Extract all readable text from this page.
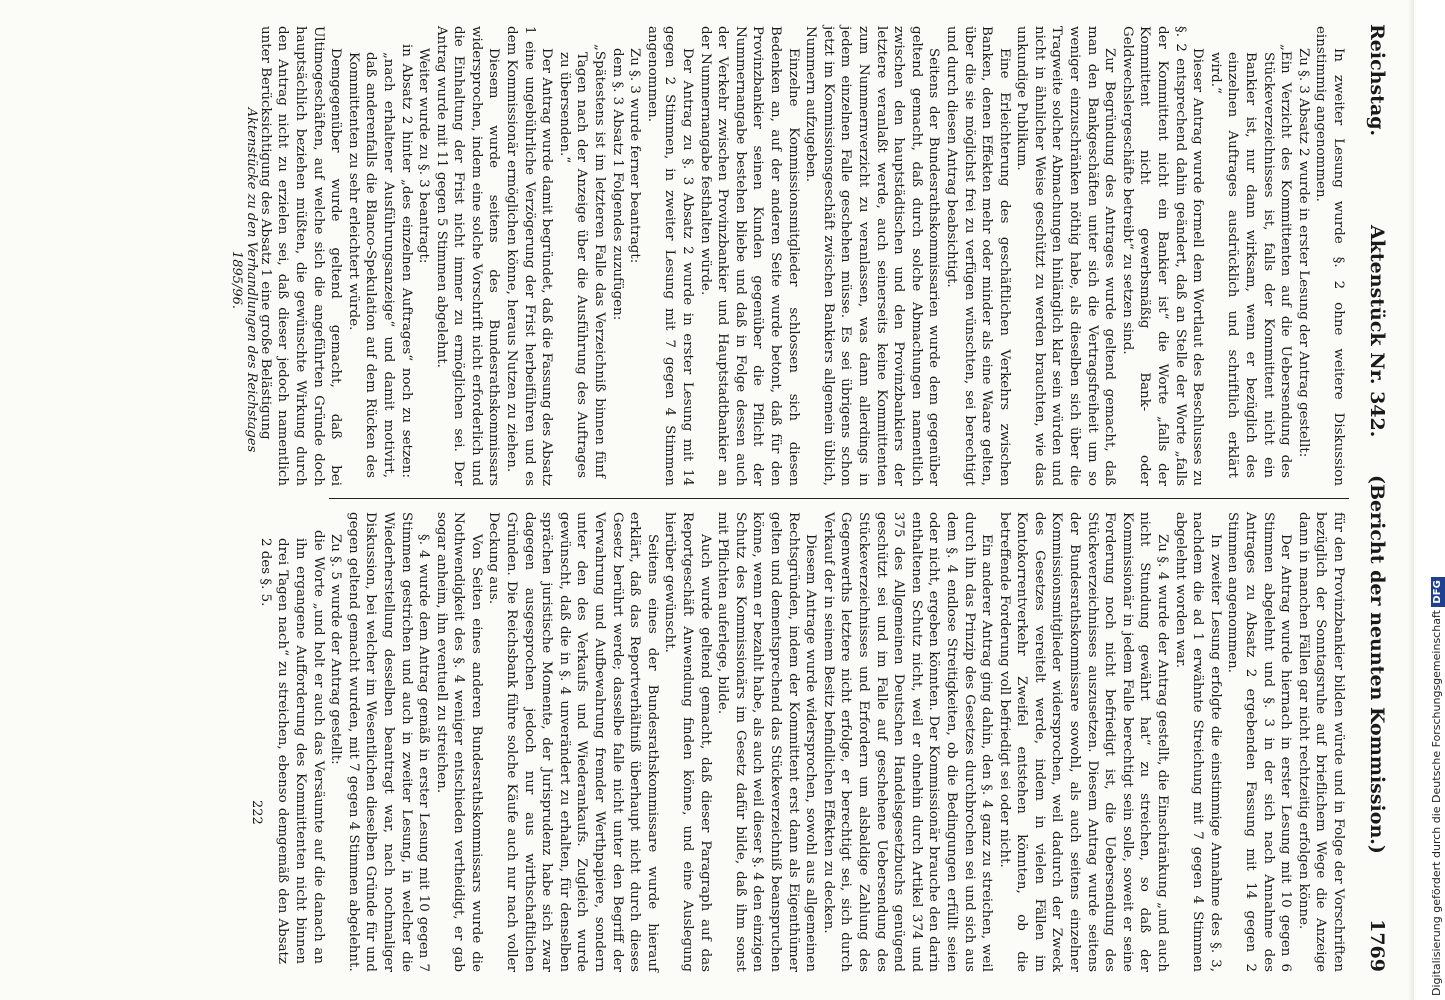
Reichstag.
Aktenstück Nr. 342.
(Bericht der neunten Kommission.)
1769

In zweiter Lesung wurde §. 2 ohne weitere Diskussion einstimmig angenommen.

Zu §. 3 Absatz 2 wurde in erster Lesung der Antrag gestellt:

„Ein Verzicht des Kommittenten auf die Uebersendung des Stückeverzeichnisses ist, falls der Kommittent nicht ein Bankier ist, nur dann wirksam, wenn er bezüglich des einzelnen Auftrages ausdrücklich und schriftlich erklärt wird.“

Dieser Antrag wurde formell dem Wortlaut des Beschlusses zu §. 2 entsprechend dahin geändert, daß an Stelle der Worte „falls der Kommittent nicht ein Bankier ist“ die Worte „falls der Kommittent nicht gewerbsmäßig Bank- oder Geldwechslergeschäfte betreibt“ zu setzen sind.

Zur Begründung des Antrages wurde geltend gemacht, daß man den Bankgeschäften unter sich die Vertragsfreiheit um so weniger einzuschränken nöthig habe, als dieselben sich über die Tragweite solcher Abmachungen hinlänglich klar sein würden und nicht in ähnlicher Weise geschützt zu werden brauchten, wie das unkundige Publikum.

Eine Erleichterung des geschäftlichen Verkehrs zwischen Banken, denen Effekten mehr oder minder als eine Waare gelten, über die sie möglichst frei zu verfügen wünschten, sei berechtigt und durch diesen Antrag beabsichtigt.

Seitens der Bundesrathskommissarien wurde dem gegenüber geltend gemacht, daß durch solche Abmachungen namentlich zwischen den hauptstädtischen und den Provinzbankiers der letztere veranlaßt werde, auch seinerseits keine Kommittenten zum Nummernverzicht zu veranlassen, was dann allerdings in jedem einzelnen Falle geschehen müsse. Es sei übrigens schon jetzt im Kommissionsgeschäft zwischen Bankiers allgemein üblich, Nummern aufzugeben.

Einzelne Kommissionsmitglieder schlossen sich diesen Bedenken an, auf der anderen Seite wurde betont, daß für den Provinzbankier seinen Kunden gegenüber die Pflicht der Nummernangabe bestehen bliebe und daß in Folge dessen auch der Verkehr zwischen Provinzbankier und Hauptstadtbankier an der Nummernangabe festhalten würde.

Der Antrag zu §. 3 Absatz 2 wurde in erster Lesung mit 14 gegen 2 Stimmen, in zweiter Lesung mit 7 gegen 4 Stimmen angenommen.

Zu §. 3 wurde ferner beantragt:

dem §. 3 Absatz 1 Folgendes zuzufügen:

„Spätestens ist im letzteren Falle das Verzeichniß binnen fünf Tagen nach der Anzeige über die Ausführung des Auftrages zu übersenden.“

Der Antrag wurde damit begründet, daß die Fassung des Absatz 1 eine ungebührliche Verzögerung der Frist herbeiführen und es dem Kommissionär ermöglichen könne, heraus Nutzen zu ziehen.

Diesem wurde seitens des Bundesrathskommissars widersprochen, indem eine solche Vorschrift nicht erforderlich und die Einhaltung der Frist nicht immer zu ermöglichen sei. Der Antrag wurde mit 11 gegen 5 Stimmen abgelehnt.

Weiter wurde zu §. 3 beantragt:

in Absatz 2 hinter „des einzelnen Auftrages“ noch zu setzen: „nach erhaltener Ausführungsanzeige“ und damit motivirt, daß anderenfalls die Blanco-Spekulation auf dem Rücken des Kommittenten zu sehr erleichtert würde.

Demgegenüber wurde geltend gemacht, daß bei Ultimogeschäften, auf welche sich die angeführten Gründe doch hauptsächlich beziehen müßten, die gewünschte Wirkung durch den Antrag nicht zu erzielen sei, daß dieser jedoch namentlich unter Berücksichtigung des Absatz 1 eine große Belästigung

für den Provinzbankier bilden würde und in Folge der Vorschriften bezüglich der Sonntagsruhe auf brieflichem Wege die Anzeige dann in manchen Fällen gar nicht rechtzeitig erfolgen könne.

Der Antrag wurde hiernach in erster Lesung mit 10 gegen 6 Stimmen abgelehnt und §. 3 in der sich nach Annahme des Antrages zu Absatz 2 ergebenden Fassung mit 14 gegen 2 Stimmen angenommen.

In zweiter Lesung erfolgte die einstimmige Annahme des §. 3, nachdem die ad 1 erwähnte Streichung mit 7 gegen 4 Stimmen abgelehnt worden war.

Zu §. 4 wurde der Antrag gestellt, die Einschränkung „und auch nicht Stundung gewährt hat“ zu streichen, so daß der Kommissionär in jedem Falle berechtigt sein solle, soweit er seine Forderung noch nicht befriedigt ist, die Uebersendung des Stückeverzeichnisses auszusetzen. Diesem Antrag wurde seitens der Bundesrathskommissare sowohl, als auch seitens einzelner Kommissionsmitglieder widersprochen, weil dadurch der Zweck des Gesetzes vereitelt werde, indem in vielen Fällen im Kontokorrentverkehr Zweifel entstehen könnten, ob die betreffende Forderung voll befriedigt sei oder nicht.

Ein anderer Antrag ging dahin, den §. 4 ganz zu streichen, weil durch ihn das Prinzip des Gesetzes durchbrochen sei und sich aus dem §. 4 endlose Streitigkeiten, ob die Bedingungen erfüllt seien oder nicht, ergeben könnten. Der Kommissionär brauche den darin enthaltenen Schutz nicht, weil er ohnehin durch Artikel 374 und 375 des Allgemeinen Deutschen Handelsgesetzbuchs genügend geschützt sei und im Falle auf geschehene Uebersendung des Stückeverzeichnisses und Erfordern um alsbaldige Zahlung des Gegenwerths letztere nicht erfolge, er berechtigt sei, sich durch Verkauf der in seinem Besitz befindlichen Effekten zu decken.

Diesem Antrage wurde widersprochen, sowohl aus allgemeinen Rechtsgründen, indem der Kommittent erst dann als Eigenthümer gelten und dementsprechend das Stückeverzeichniß beanspruchen könne, wenn er bezahlt habe, als auch weil dieser §. 4 den einzigen Schutz des Kommissionärs im Gesetz dafür bilde, daß ihm sonst mit Pflichten auferlege, bilde.

Auch wurde geltend gemacht, daß dieser Paragraph auf das Reportgeschäft Anwendung finden könne, und eine Auslegung hierüber gewünscht.

Seitens eines der Bundesrathskommissare wurde hierauf erklärt, daß das Reportverhältniß überhaupt nicht durch dieses Gesetz berührt werde; dasselbe falle nicht unter den Begriff der Verwahrung und Aufbewahrung fremder Werthpapiere, sondern unter den des Verkaufs und Wiederankaufs. Zugleich wurde gewünscht, daß die in §. 4 unverändert zu erhalten, für denselben sprächen juristische Momente, der Jurisprudenz habe sich zwar dagegen ausgesprochen jedoch nur aus wirthschaftlichen Gründen. Die Reichsbank führe solche Käufe auch nur nach voller Deckung aus.

Von Seiten eines anderen Bundesrathskommissars wurde die Nothwendigkeit des §. 4 weniger entschieden vertheidigt, er gab sogar anheim, ihn eventuell zu streichen.

§. 4 wurde dem Antrag gemäß in erster Lesung mit 10 gegen 7 Stimmen gestrichen und auch in zweiter Lesung, in welcher die Wiederherstellung desselben beantragt war, nach nochmaliger Diskussion, bei welcher im Wesentlichen dieselben Gründe für und gegen geltend gemacht wurden, mit 7 gegen 4 Stimmen abgelehnt.

Zu §. 5 wurde der Antrag gestellt:

die Worte „und holt er auch das Versäumte auf die danach an ihn ergangene Aufforderung des Kommittenten nicht binnen drei Tagen nach“ zu streichen, ebenso demgemäß den Absatz 2 des §. 5.

Aktenstücke zu den Verhandlungen des Reichstages 1895/96.
222	Digitalisierung gefördert durch die Deutsche Forschungsgemeinschaft DFG
